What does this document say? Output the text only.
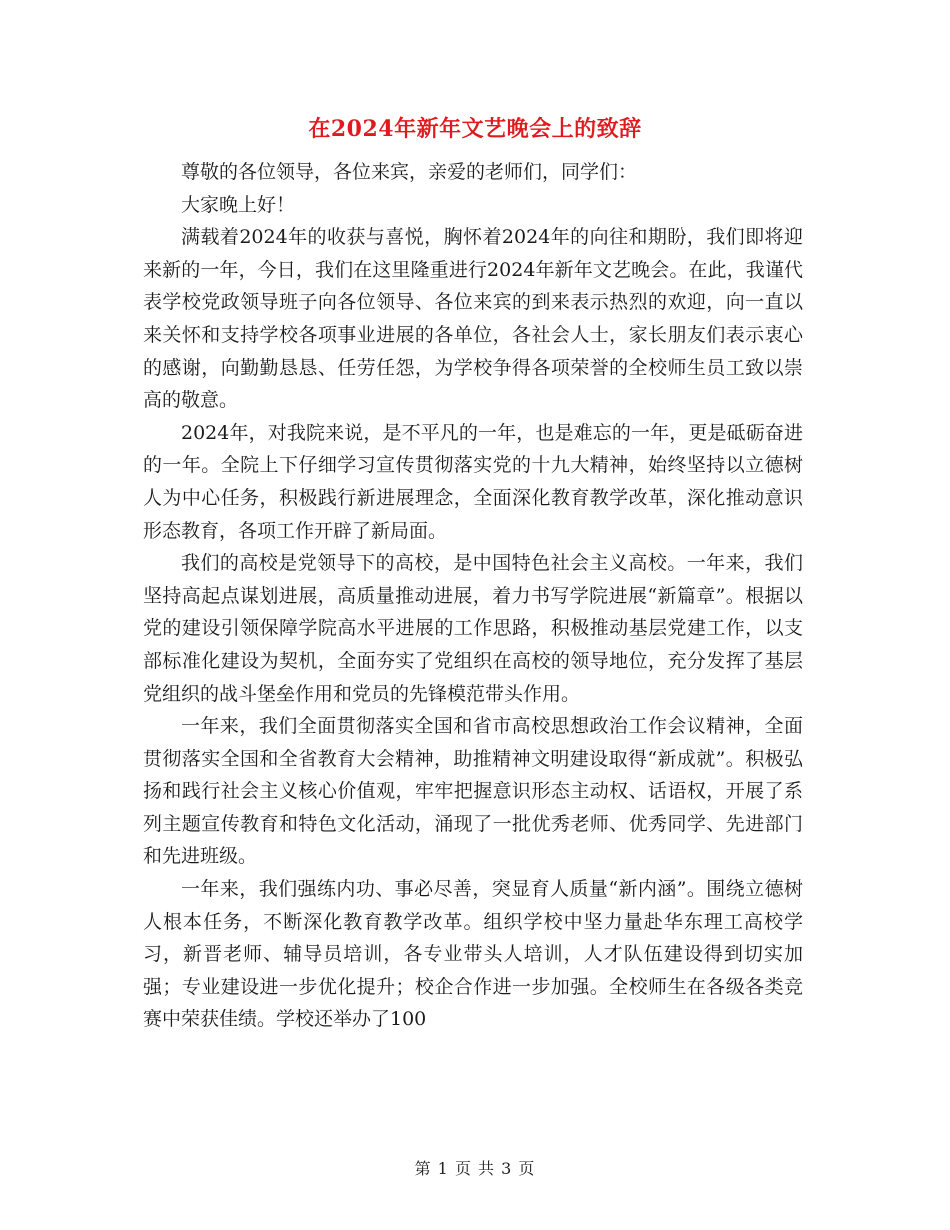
在2024年新年文艺晚会上的致辞

尊敬的各位领导，各位来宾，亲爱的老师们，同学们：

大家晚上好！

满载着2024年的收获与喜悦，胸怀着2024年的向往和期盼，我们即将迎来新的一年，今日，我们在这里隆重进行2024年新年文艺晚会。在此，我谨代表学校党政领导班子向各位领导、各位来宾的到来表示热烈的欢迎，向一直以来关怀和支持学校各项事业进展的各单位，各社会人士，家长朋友们表示衷心的感谢，向勤勤恳恳、任劳任怨，为学校争得各项荣誉的全校师生员工致以崇高的敬意。

2024年，对我院来说，是不平凡的一年，也是难忘的一年，更是砥砺奋进的一年。全院上下仔细学习宣传贯彻落实党的十九大精神，始终坚持以立德树人为中心任务，积极践行新进展理念，全面深化教育教学改革，深化推动意识形态教育，各项工作开辟了新局面。

我们的高校是党领导下的高校，是中国特色社会主义高校。一年来，我们坚持高起点谋划进展，高质量推动进展，着力书写学院进展“新篇章”。根据以党的建设引领保障学院高水平进展的工作思路，积极推动基层党建工作，以支部标准化建设为契机，全面夯实了党组织在高校的领导地位，充分发挥了基层党组织的战斗堡垒作用和党员的先锋模范带头作用。

一年来，我们全面贯彻落实全国和省市高校思想政治工作会议精神，全面贯彻落实全国和全省教育大会精神，助推精神文明建设取得“新成就”。积极弘扬和践行社会主义核心价值观，牢牢把握意识形态主动权、话语权，开展了系列主题宣传教育和特色文化活动，涌现了一批优秀老师、优秀同学、先进部门和先进班级。

一年来，我们强练内功、事必尽善，突显育人质量“新内涵”。围绕立德树人根本任务，不断深化教育教学改革。组织学校中坚力量赴华东理工高校学习，新晋老师、辅导员培训，各专业带头人培训，人才队伍建设得到切实加强；专业建设进一步优化提升；校企合作进一步加强。全校师生在各级各类竞赛中荣获佳绩。学校还举办了100

第 1 页 共 3 页
